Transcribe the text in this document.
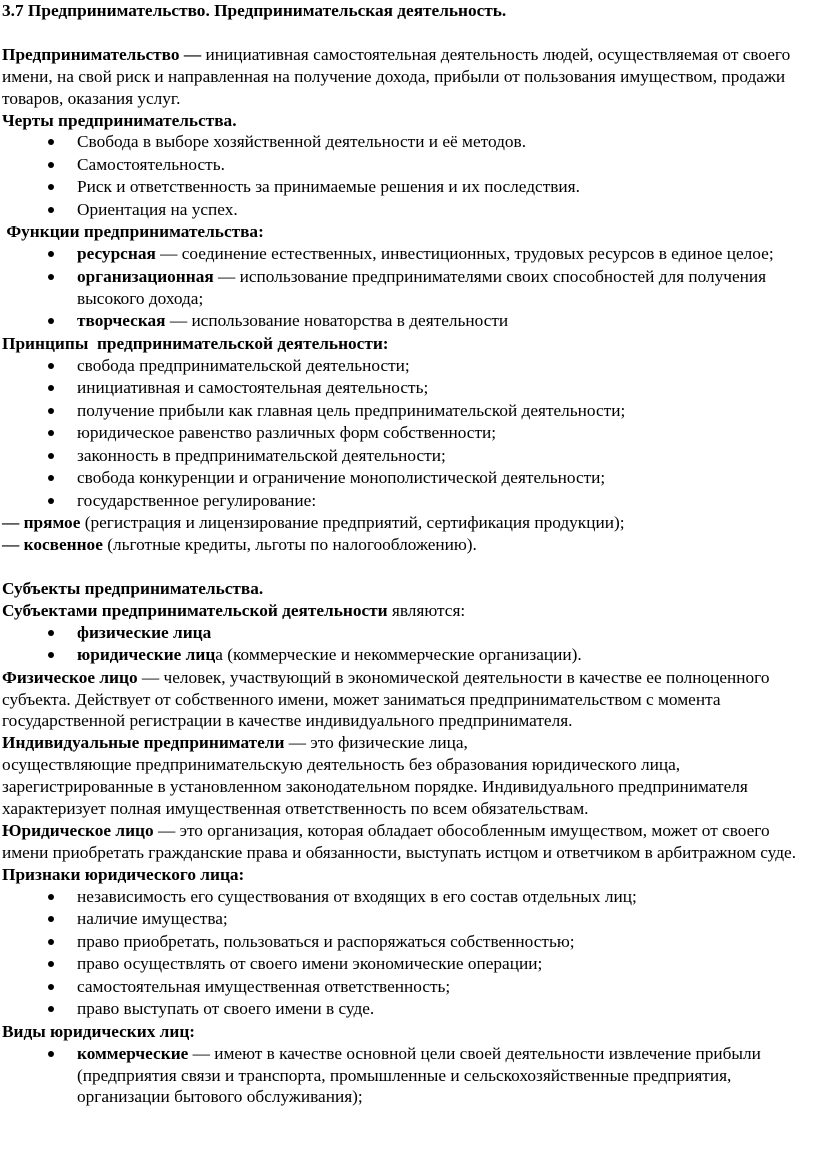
3.7 Предпринимательство. Предпринимательская деятельность.

Предпринимательство — инициативная самостоятельная деятельность людей, осуществляемая от своего имени, на свой риск и направленная на получение дохода, прибыли от пользования имуществом, продажи товаров, оказания услуг.

Черты предпринимательства.

Свобода в выборе хозяйственной деятельности и её методов.
Самостоятельность.
Риск и ответственность за принимаемые решения и их последствия.
Ориентация на успех.

Функции предпринимательства:

ресурсная — соединение естественных, инвестиционных, трудовых ресурсов в единое целое;
организационная — использование предпринимателями своих способностей для получения высокого дохода;
творческая — использование новаторства в деятельности

Принципы  предпринимательской деятельности:

свобода предпринимательской деятельности;
инициативная и самостоятельная деятельность;
получение прибыли как главная цель предпринимательской деятельности;
юридическое равенство различных форм собственности;
законность в предпринимательской деятельности;
свобода конкуренции и ограничение монополистической деятельности;
государственное регулирование:

— прямое (регистрация и лицензирование предприятий, сертификация продукции);

— косвенное (льготные кредиты, льготы по налогообложению).

Субъекты предпринимательства.

Субъектами предпринимательской деятельности являются:

физические лица
юридические лица (коммерческие и некоммерческие организации).

Физическое лицо — человек, участвующий в экономической деятельности в качестве ее полноценного субъекта. Действует от собственного имени, может заниматься предпринимательством с момента государственной регистрации в качестве индивидуального предпринимателя.

Индивидуальные предприниматели — это физические лица,
осуществляющие предпринимательскую деятельность без образования юридического лица, зарегистрированные в установленном законодательном порядке. Индивидуального предпринимателя характеризует полная имущественная ответственность по всем обязательствам.

Юридическое лицо — это организация, которая обладает обособленным имуществом, может от своего имени приобретать гражданские права и обязанности, выступать истцом и ответчиком в арбитражном суде.

Признаки юридического лица:

независимость его существования от входящих в его состав отдельных лиц;
наличие имущества;
право приобретать, пользоваться и распоряжаться собственностью;
право осуществлять от своего имени экономические операции;
самостоятельная имущественная ответственность;
право выступать от своего имени в суде.

Виды юридических лиц:

коммерческие — имеют в качестве основной цели своей деятельности извлечение прибыли (предприятия связи и транспорта, промышленные и сельскохозяйственные предприятия, организации бытового обслуживания);
